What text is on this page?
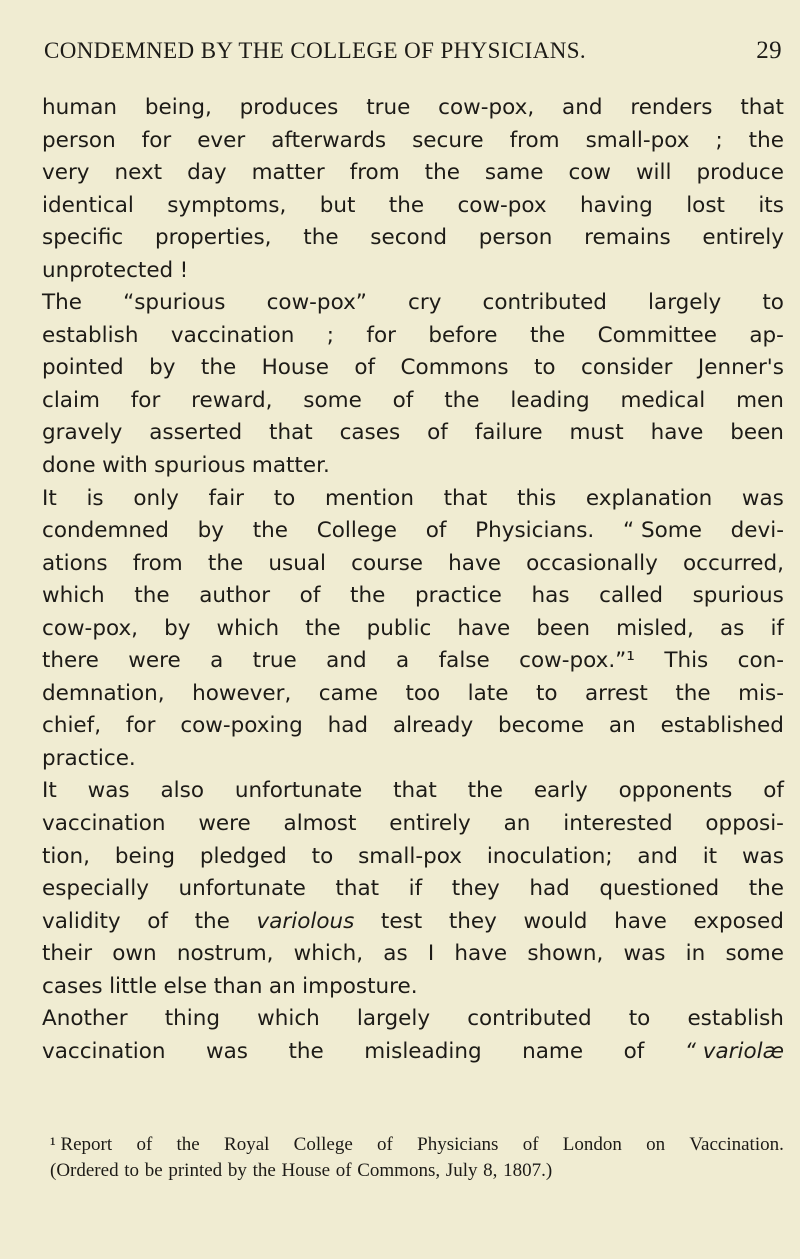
CONDEMNED BY THE COLLEGE OF PHYSICIANS.	29
human being, produces true cow-pox, and renders that
person for ever afterwards secure from small-pox ; the
very next day matter from the same cow will produce
identical symptoms, but the cow-pox having lost its
specific properties, the second person remains entirely
unprotected !
The “spurious cow-pox” cry contributed largely to
establish vaccination ; for before the Committee ap-
pointed by the House of Commons to consider Jenner's
claim for reward, some of the leading medical men
gravely asserted that cases of failure must have been
done with spurious matter.
It is only fair to mention that this explanation was
condemned by the College of Physicians. “ Some devi-
ations from the usual course have occasionally occurred,
which the author of the practice has called spurious
cow-pox, by which the public have been misled, as if
there were a true and a false cow-pox.”¹ This con-
demnation, however, came too late to arrest the mis-
chief, for cow-poxing had already become an established
practice.
It was also unfortunate that the early opponents of
vaccination were almost entirely an interested opposi-
tion, being pledged to small-pox inoculation; and it was
especially unfortunate that if they had questioned the
validity of the variolous test they would have exposed
their own nostrum, which, as I have shown, was in some
cases little else than an imposture.
Another thing which largely contributed to establish
vaccination was the misleading name of “ variolæ
¹ Report of the Royal College of Physicians of London on Vaccination.
(Ordered to be printed by the House of Commons, July 8, 1807.)
